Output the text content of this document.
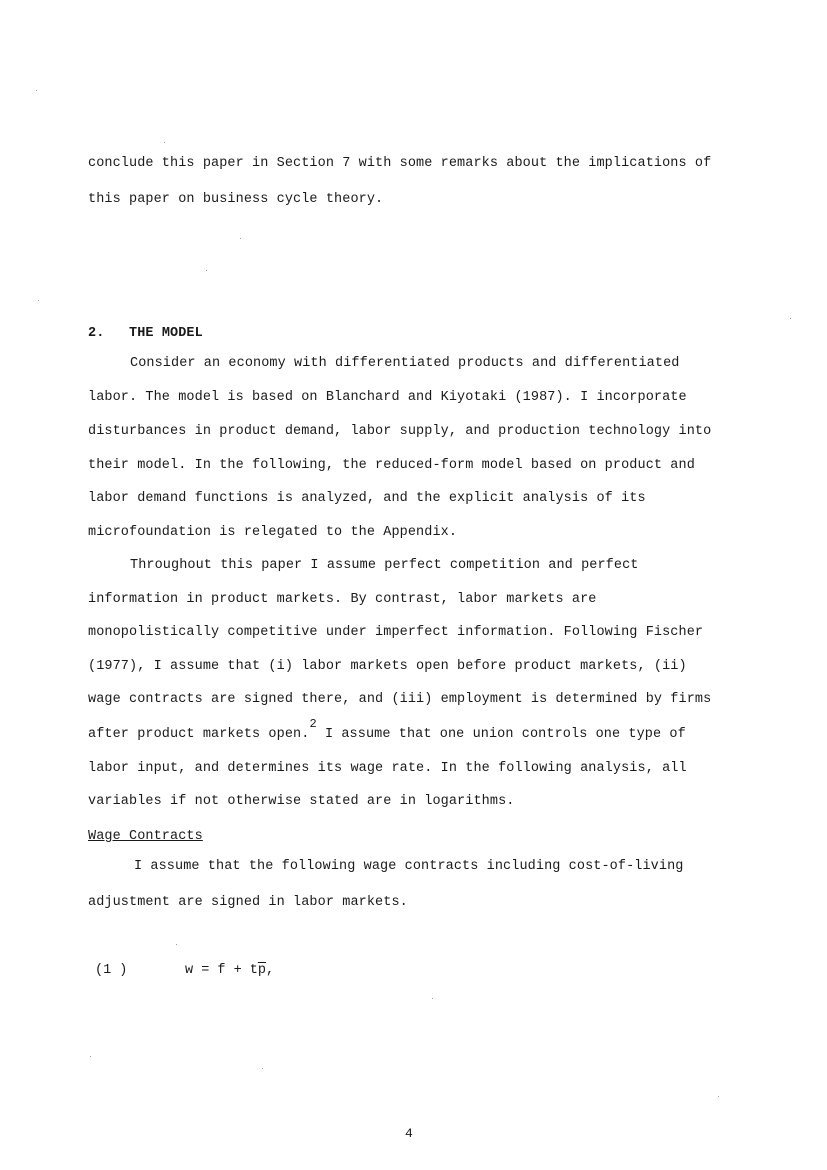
conclude this paper in Section 7 with some remarks about the implications of
this paper on business cycle theory.
2. THE MODEL
Consider an economy with differentiated products and differentiated
labor. The model is based on Blanchard and Kiyotaki (1987). I incorporate
disturbances in product demand, labor supply, and production technology into
their model. In the following, the reduced-form model based on product and
labor demand functions is analyzed, and the explicit analysis of its
microfoundation is relegated to the Appendix.
Throughout this paper I assume perfect competition and perfect
information in product markets. By contrast, labor markets are
monopolistically competitive under imperfect information. Following Fischer
(1977), I assume that (i) labor markets open before product markets, (ii)
wage contracts are signed there, and (iii) employment is determined by firms
after product markets open.2 I assume that one union controls one type of
labor input, and determines its wage rate. In the following analysis, all
variables if not otherwise stated are in logarithms.
Wage Contracts
I assume that the following wage contracts including cost-of-living
adjustment are signed in labor markets.
(1 )	$w = f + t\overline{p}$,
4
